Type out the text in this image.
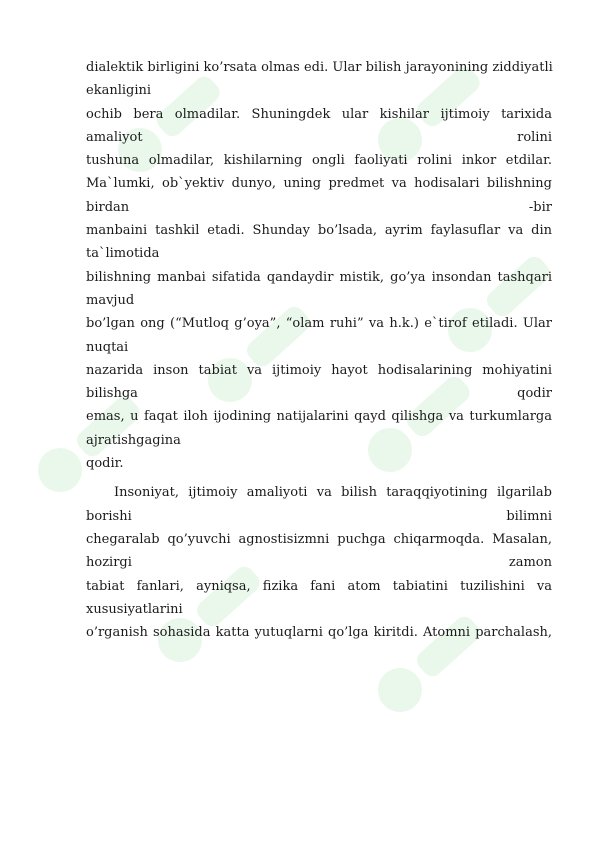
dialektik birligini ko’rsata olmas edi. Ular bilish jarayonining ziddiyatli
ekanligini
ochib bera olmadilar. Shuningdek ular kishilar ijtimoiy tarixida
amaliyot rolini
tushuna olmadilar, kishilarning ongli faoliyati rolini inkor etdilar.
Ma`lumki, ob`yektiv dunyo, uning predmet va hodisalari bilishning
birdan -bir
manbaini tashkil etadi. Shunday bo’lsada, ayrim faylasuflar va din
ta`limotida
bilishning manbai sifatida qandaydir mistik, go’ya insondan tashqari
mavjud
bo’lgan ong (“Mutloq g’oya”, “olam ruhi” va h.k.) e`tirof etiladi. Ular
nuqtai
nazarida inson tabiat va ijtimoiy hayot hodisalarining mohiyatini
bilishga qodir
emas, u faqat iloh ijodining natijalarini qayd qilishga va turkumlarga
ajratishgagina
qodir.
Insoniyat, ijtimoiy amaliyoti va bilish taraqqiyotining ilgarilab
borishi bilimni
chegaralab qo’yuvchi agnostisizmni puchga chiqarmoqda. Masalan,
hozirgi zamon
tabiat fanlari, ayniqsa, fizika fani atom tabiatini tuzilishini va
xususiyatlarini
o’rganish sohasida katta yutuqlarni qo’lga kiritdi. Atomni parchalash,
